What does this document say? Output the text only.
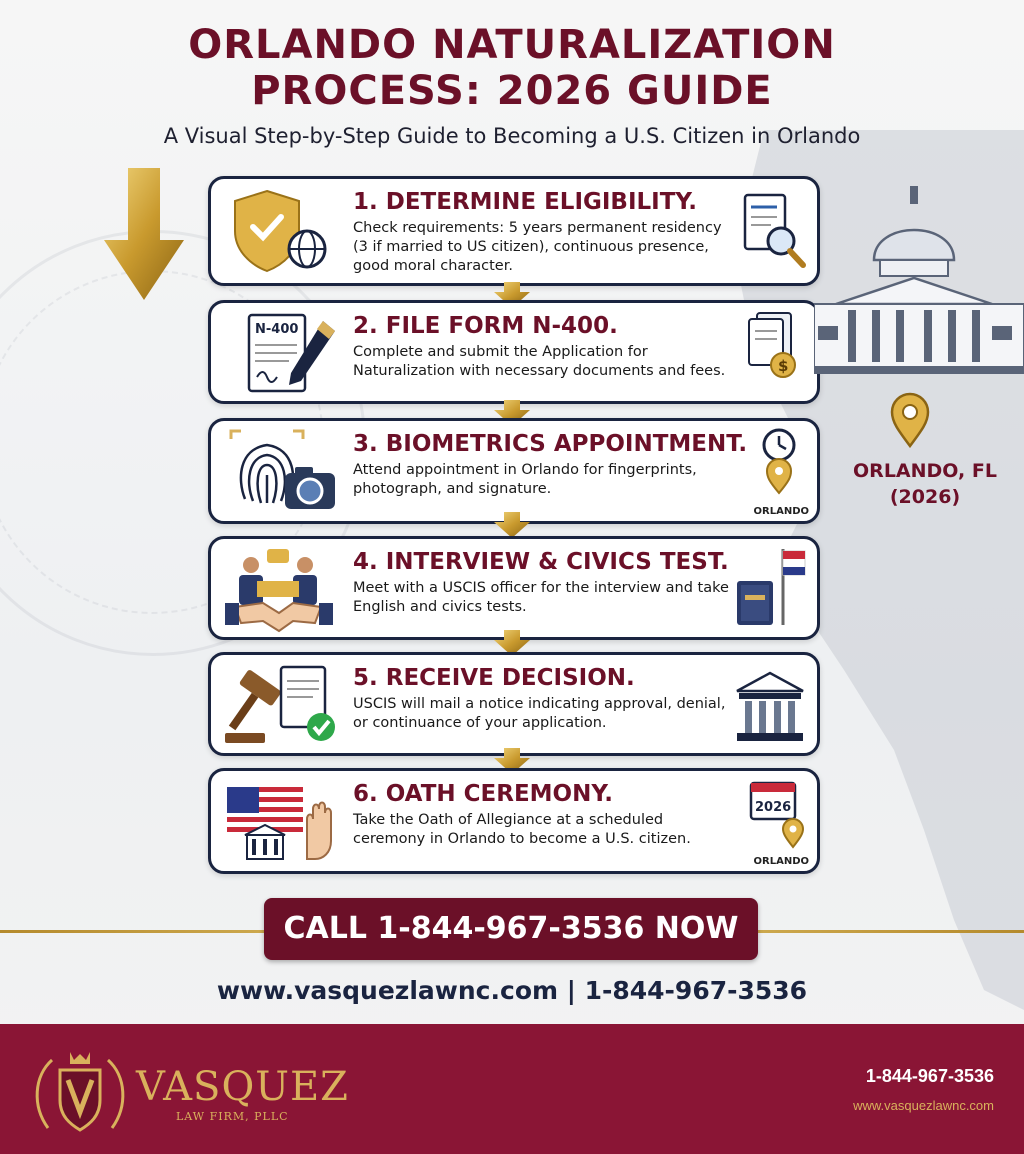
ORLANDO NATURALIZATION
PROCESS: 2026 GUIDE
A Visual Step-by-Step Guide to Becoming a U.S. Citizen in Orlando
1. DETERMINE ELIGIBILITY.
Check requirements: 5 years permanent residency (3 if married to US citizen), continuous presence, good moral character.
N-400 2. FILE FORM N-400.
Complete and submit the Application for Naturalization with necessary documents and fees.	$
3. BIOMETRICS APPOINTMENT.
Attend appointment in Orlando for fingerprints, photograph, and signature.
ORLANDO
4. INTERVIEW & CIVICS TEST.
Meet with a USCIS officer for the interview and take English and civics tests.
5. RECEIVE DECISION.
USCIS will mail a notice indicating approval, denial, or continuance of your application.
6. OATH CEREMONY.
Take the Oath of Allegiance at a scheduled ceremony in Orlando to become a U.S. citizen.
2026
ORLANDO
ORLANDO, FL
(2026)
CALL 1-844-967-3536 NOW
www.vasquezlawnc.com | 1-844-967-3536
VASQUEZ
LAW FIRM, PLLC
1-844-967-3536
www.vasquezlawnc.com
